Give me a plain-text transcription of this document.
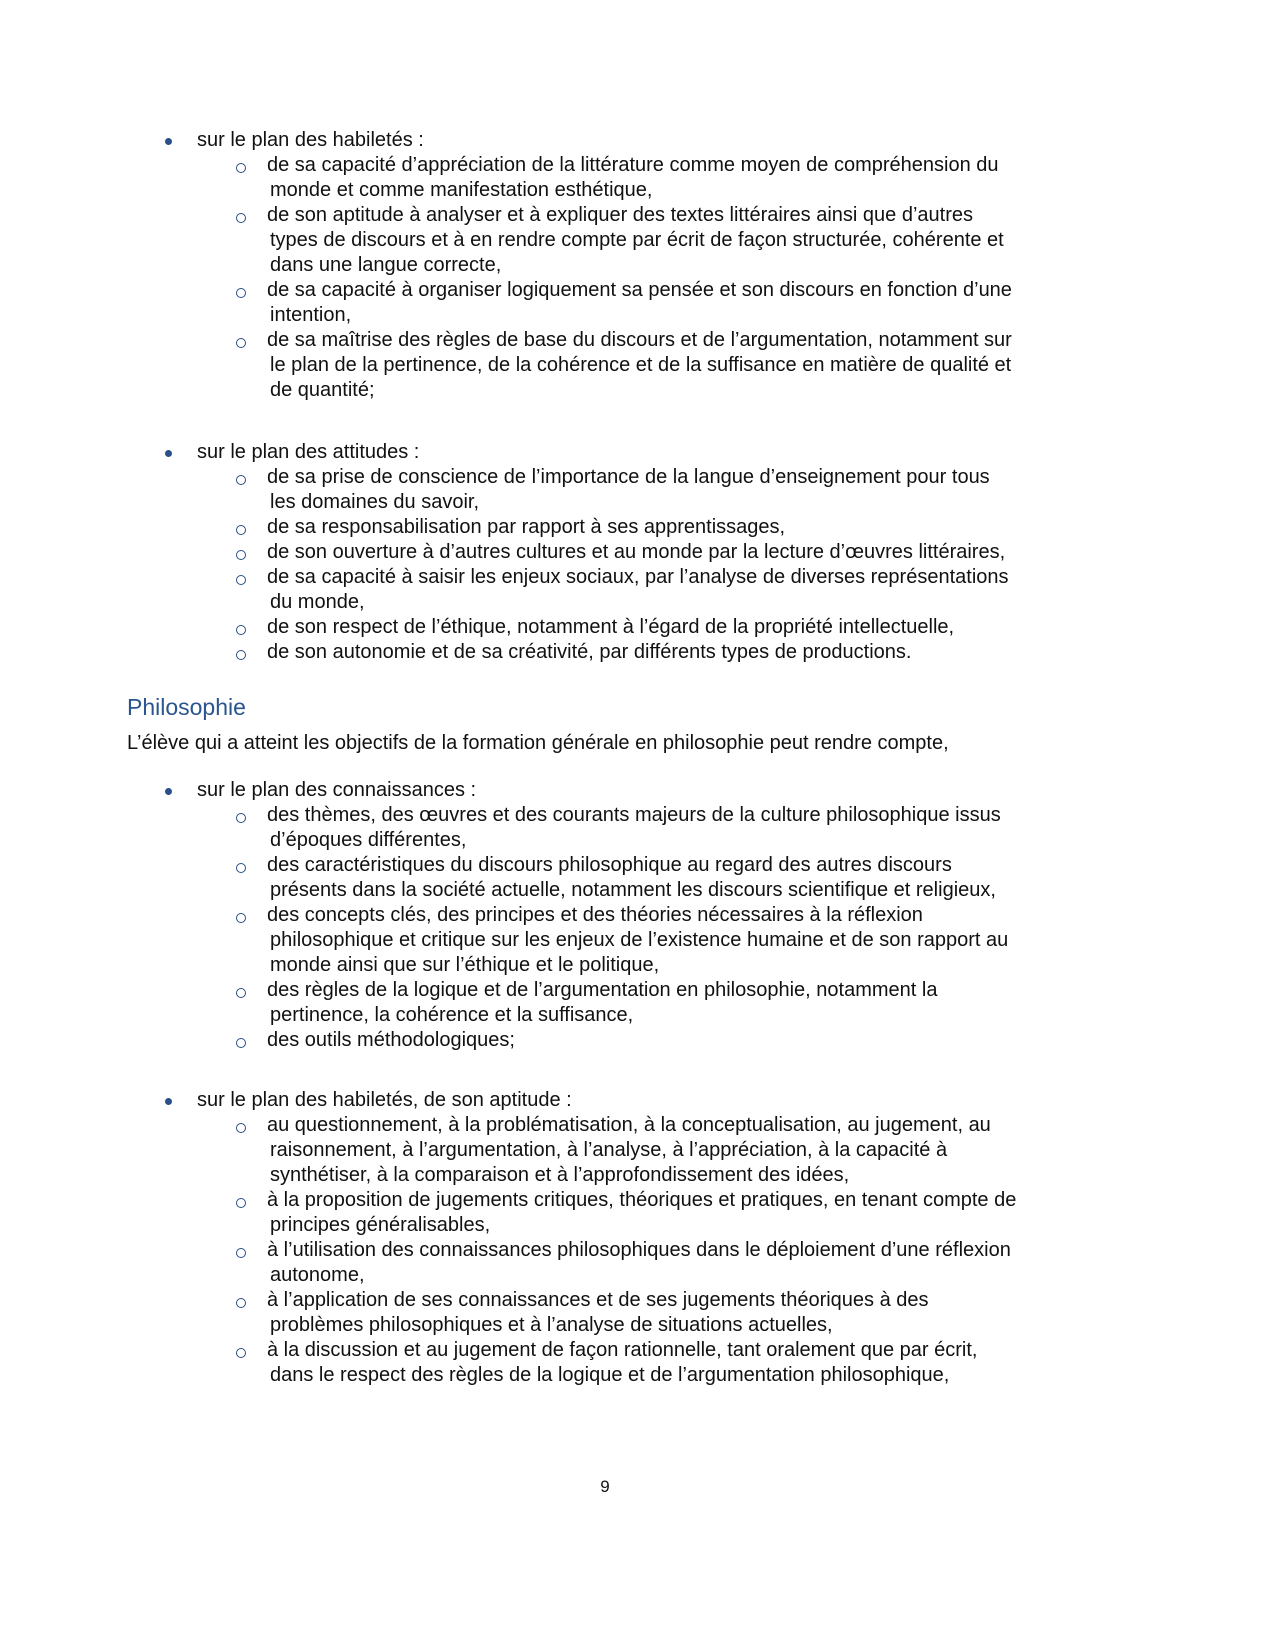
sur le plan des habiletés :
de sa capacité d’appréciation de la littérature comme moyen de compréhension du
monde et comme manifestation esthétique,
de son aptitude à analyser et à expliquer des textes littéraires ainsi que d’autres
types de discours et à en rendre compte par écrit de façon structurée, cohérente et
dans une langue correcte,
de sa capacité à organiser logiquement sa pensée et son discours en fonction d’une
intention,
de sa maîtrise des règles de base du discours et de l’argumentation, notamment sur
le plan de la pertinence, de la cohérence et de la suffisance en matière de qualité et
de quantité;
sur le plan des attitudes :
de sa prise de conscience de l’importance de la langue d’enseignement pour tous
les domaines du savoir,
de sa responsabilisation par rapport à ses apprentissages,
de son ouverture à d’autres cultures et au monde par la lecture d’œuvres littéraires,
de sa capacité à saisir les enjeux sociaux, par l’analyse de diverses représentations
du monde,
de son respect de l’éthique, notamment à l’égard de la propriété intellectuelle,
de son autonomie et de sa créativité, par différents types de productions.
Philosophie
L’élève qui a atteint les objectifs de la formation générale en philosophie peut rendre compte,
sur le plan des connaissances :
des thèmes, des œuvres et des courants majeurs de la culture philosophique issus
d’époques différentes,
des caractéristiques du discours philosophique au regard des autres discours
présents dans la société actuelle, notamment les discours scientifique et religieux,
des concepts clés, des principes et des théories nécessaires à la réflexion
philosophique et critique sur les enjeux de l’existence humaine et de son rapport au
monde ainsi que sur l’éthique et le politique,
des règles de la logique et de l’argumentation en philosophie, notamment la
pertinence, la cohérence et la suffisance,
des outils méthodologiques;
sur le plan des habiletés, de son aptitude :
au questionnement, à la problématisation, à la conceptualisation, au jugement, au
raisonnement, à l’argumentation, à l’analyse, à l’appréciation, à la capacité à
synthétiser, à la comparaison et à l’approfondissement des idées,
à la proposition de jugements critiques, théoriques et pratiques, en tenant compte de
principes généralisables,
à l’utilisation des connaissances philosophiques dans le déploiement d’une réflexion
autonome,
à l’application de ses connaissances et de ses jugements théoriques à des
problèmes philosophiques et à l’analyse de situations actuelles,
à la discussion et au jugement de façon rationnelle, tant oralement que par écrit,
dans le respect des règles de la logique et de l’argumentation philosophique,
9
